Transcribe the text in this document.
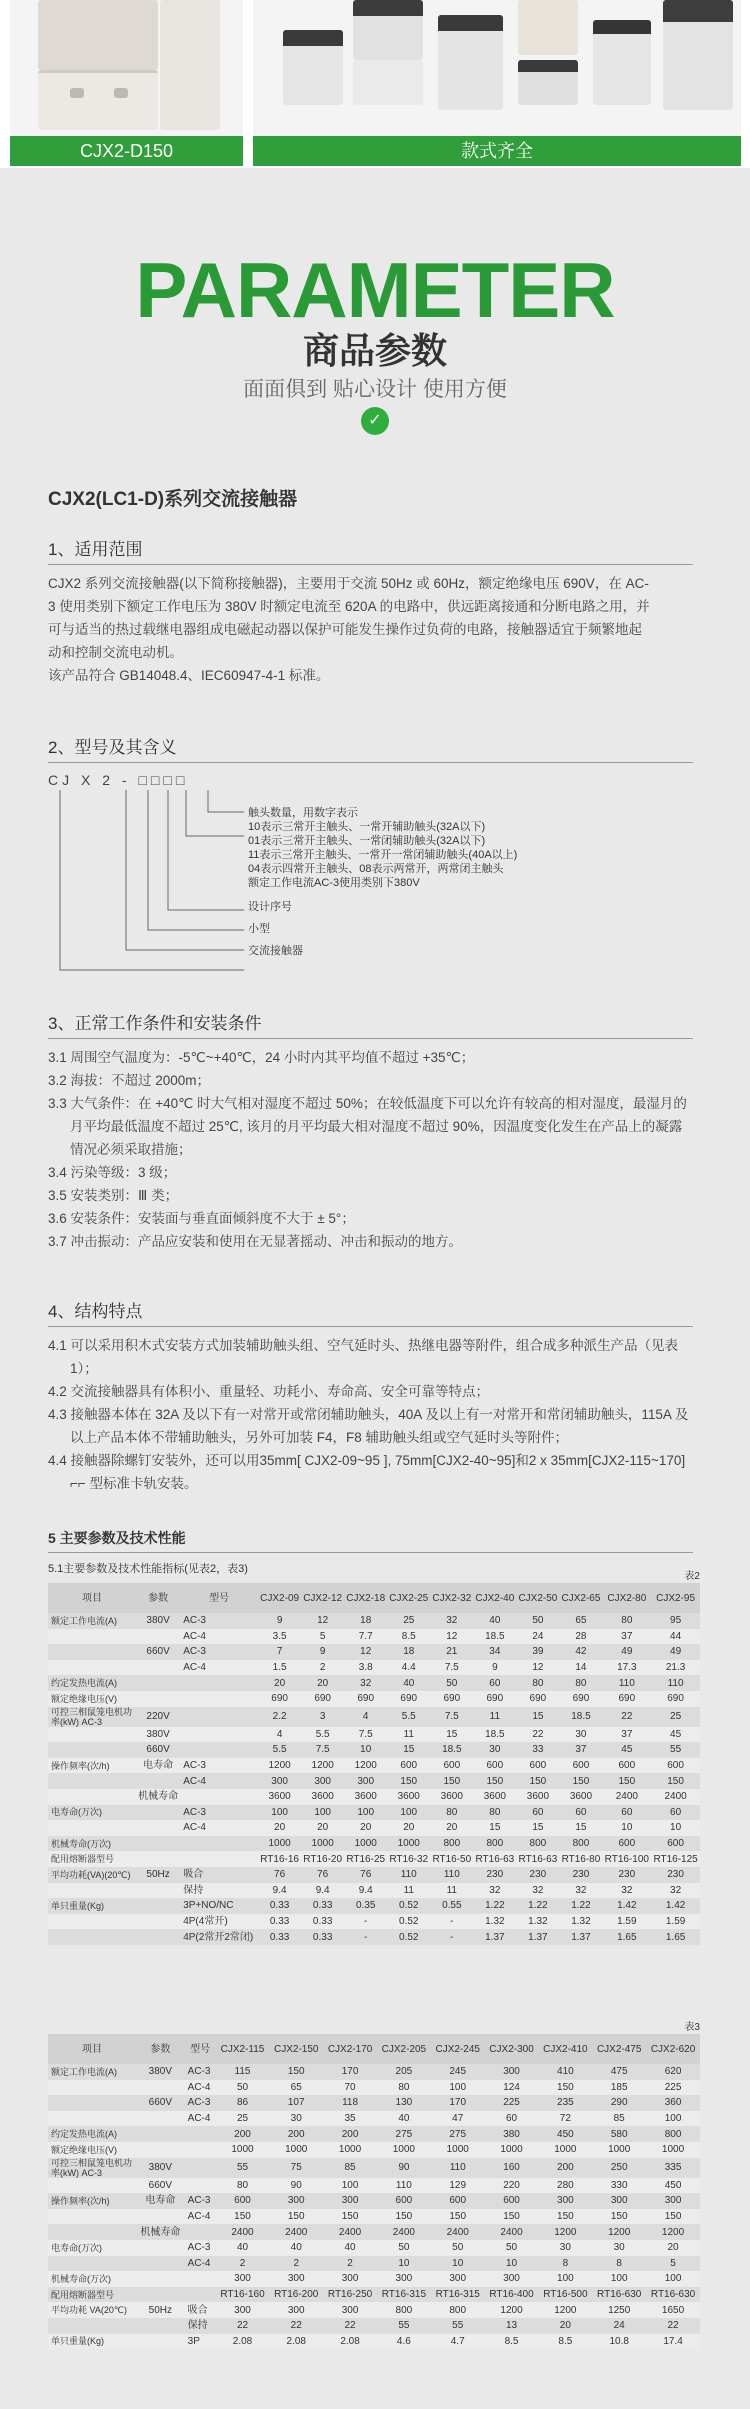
CJX2-D150	款式齐全
PARAMETER
商品参数
面面俱到 贴心设计 使用方便
✓
CJX2(LC1-D)系列交流接触器
1、适用范围

CJX2 系列交流接触器(以下简称接触器)，主要用于交流 50Hz 或 60Hz，额定绝缘电压 690V，在 AC-

3 使用类别下额定工作电压为 380V 时额定电流至 620A 的电路中，供远距离接通和分断电路之用，并

可与适当的热过载继电器组成电磁起动器以保护可能发生操作过负荷的电路，接触器适宜于频繁地起

动和控制交流电动机。

该产品符合 GB14048.4、IEC60947-4-1 标准。

2、型号及其含义
CJ X 2 - □□□□
触头数量，用数字表示
10表示三常开主触头、一常开辅助触头(32A以下)
01表示三常开主触头、一常闭辅助触头(32A以下)
11表示三常开主触头、一常开一常闭辅助触头(40A以上)
04表示四常开主触头、08表示两常开，两常闭主触头
额定工作电流AC-3使用类别下380V
设计序号
小型
交流接触器
3、正常工作条件和安装条件

3.1 周围空气温度为：-5℃~+40℃，24 小时内其平均值不超过 +35℃；

3.2 海拔：不超过 2000m；

3.3 大气条件：在 +40℃ 时大气相对湿度不超过 50%；在较低温度下可以允许有较高的相对湿度，最湿月的月平均最低温度不超过 25℃, 该月的月平均最大相对湿度不超过 90%，因温度变化发生在产品上的凝露情况必须采取措施；

3.4 污染等级：3 级；

3.5 安装类别：Ⅲ 类；

3.6 安装条件：安装面与垂直面倾斜度不大于 ± 5°；

3.7 冲击振动：产品应安装和使用在无显著摇动、冲击和振动的地方。

4、结构特点

4.1 可以采用积木式安装方式加装辅助触头组、空气延时头、热继电器等附件，组合成多种派生产品（见表 1）；

4.2 交流接触器具有体积小、重量轻、功耗小、寿命高、安全可靠等特点；

4.3 接触器本体在 32A 及以下有一对常开或常闭辅助触头，40A 及以上有一对常开和常闭辅助触头，115A 及以上产品本体不带辅助触头，另外可加装 F4，F8 辅助触头组或空气延时头等附件；

4.4 接触器除螺钉安装外，还可以用35mm[ CJX2-09~95 ], 75mm[CJX2-40~95]和2 x 35mm[CJX2-115~170] ⌐⌐ 型标准卡轨安装。

5 主要参数及技术性能
5.1主要参数及技术性能指标(见表2，表3)
表2
项目	参数	型号	CJX2-09	CJX2-12	CJX2-18	CJX2-25	CJX2-32	CJX2-40	CJX2-50	CJX2-65	CJX2-80	CJX2-95
额定工作电流(A)	380V	AC-3	9	12	18	25	32	40	50	65	80	95
		AC-4	3.5	5	7.7	8.5	12	18.5	24	28	37	44
	660V	AC-3	7	9	12	18	21	34	39	42	49	49
		AC-4	1.5	2	3.8	4.4	7.5	9	12	14	17.3	21.3
约定发热电流(A)			20	20	32	40	50	60	80	80	110	110
额定绝缘电压(V)			690	690	690	690	690	690	690	690	690	690
可控三相鼠笼电机功率(kW) AC-3	220V		2.2	3	4	5.5	7.5	11	15	18.5	22	25
	380V		4	5.5	7.5	11	15	18.5	22	30	37	45
	660V		5.5	7.5	10	15	18.5	30	33	37	45	55
操作频率(次/h)	电寿命	AC-3	1200	1200	1200	600	600	600	600	600	600	600
		AC-4	300	300	300	150	150	150	150	150	150	150
	机械寿命		3600	3600	3600	3600	3600	3600	3600	3600	2400	2400
电寿命(万次)		AC-3	100	100	100	100	80	80	60	60	60	60
		AC-4	20	20	20	20	20	15	15	15	10	10
机械寿命(万次)			1000	1000	1000	1000	800	800	800	800	600	600
配用熔断器型号			RT16-16	RT16-20	RT16-25	RT16-32	RT16-50	RT16-63	RT16-63	RT16-80	RT16-100	RT16-125
平均功耗(VA)(20℃)	50Hz	吸合	76	76	76	110	110	230	230	230	230	230
		保持	9.4	9.4	9.4	11	11	32	32	32	32	32
单只重量(Kg)		3P+NO/NC	0.33	0.33	0.35	0.52	0.55	1.22	1.22	1.22	1.42	1.42
		4P(4常开)	0.33	0.33	-	0.52	-	1.32	1.32	1.32	1.59	1.59
		4P(2常开2常闭)	0.33	0.33	-	0.52	-	1.37	1.37	1.37	1.65	1.65
表3
项目	参数	型号	CJX2-115	CJX2-150	CJX2-170	CJX2-205	CJX2-245	CJX2-300	CJX2-410	CJX2-475	CJX2-620
额定工作电流(A)	380V	AC-3	115	150	170	205	245	300	410	475	620
		AC-4	50	65	70	80	100	124	150	185	225
	660V	AC-3	86	107	118	130	170	225	235	290	360
		AC-4	25	30	35	40	47	60	72	85	100
约定发热电流(A)			200	200	200	275	275	380	450	580	800
额定绝缘电压(V)			1000	1000	1000	1000	1000	1000	1000	1000	1000
可控三相鼠笼电机功率(kW) AC-3	380V		55	75	85	90	110	160	200	250	335
	660V		80	90	100	110	129	220	280	330	450
操作频率(次/h)	电寿命	AC-3	600	300	300	600	600	600	300	300	300
		AC-4	150	150	150	150	150	150	150	150	150
	机械寿命		2400	2400	2400	2400	2400	2400	1200	1200	1200
电寿命(万次)		AC-3	40	40	40	50	50	50	30	30	20
		AC-4	2	2	2	10	10	10	8	8	5
机械寿命(万次)			300	300	300	300	300	300	100	100	100
配用熔断器型号			RT16-160	RT16-200	RT16-250	RT16-315	RT16-315	RT16-400	RT16-500	RT16-630	RT16-630
平均功耗 VA(20℃)	50Hz	吸合	300	300	300	800	800	1200	1200	1250	1650
		保持	22	22	22	55	55	13	20	24	22
单只重量(Kg)		3P	2.08	2.08	2.08	4.6	4.7	8.5	8.5	10.8	17.4
